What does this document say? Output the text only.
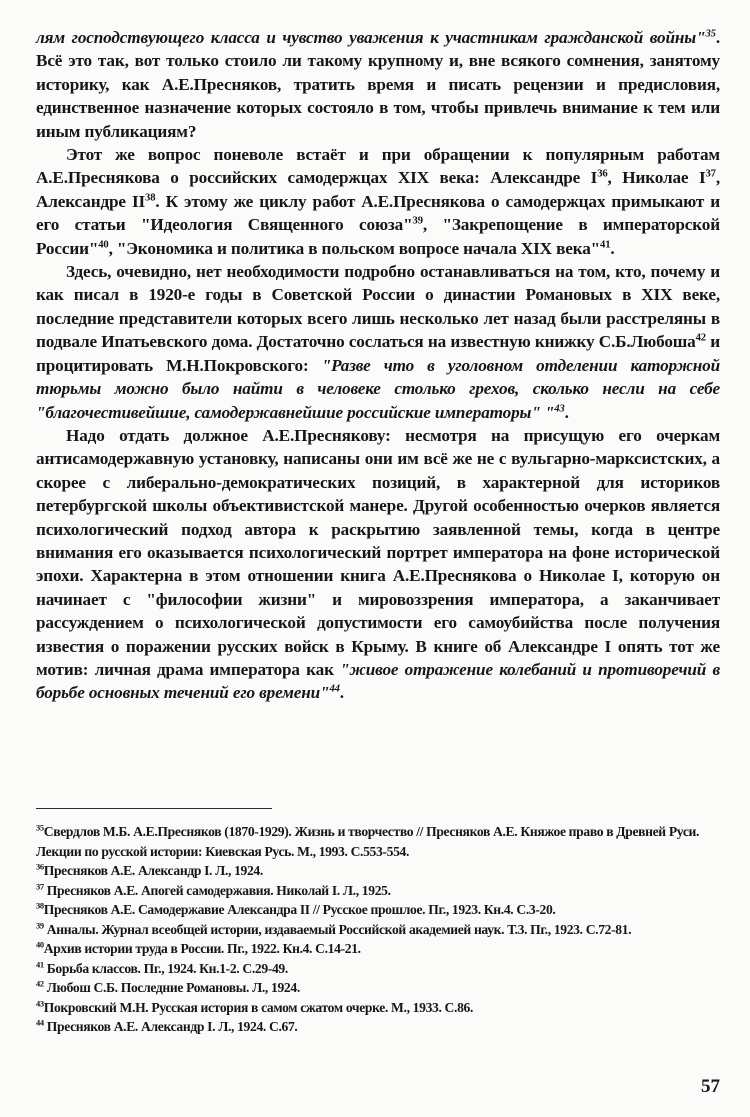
лям господствующего класса и чувство уважения к участникам гражданской войны"$^{35}$. Всё это так, вот только стоило ли такому крупному и, вне всякого сомнения, занятому историку, как А.Е.Пресняков, тратить время и писать рецензии и предисловия, единственное назначение которых состояло в том, чтобы привлечь внимание к тем или иным публикациям?

Этот же вопрос поневоле встаёт и при обращении к популярным работам А.Е.Преснякова о российских самодержцах XIX века: Александре $I^{36}$, Николае $I^{37}$, Александре II$^{38}$. К этому же циклу работ А.Е.Преснякова о самодержцах примыкают и его статьи "Идеология Священного союза"$^{39}$, "Закрепощение в императорской России"$^{40}$, "Экономика и политика в польском вопросе начала XIX века"$^{41}$.

Здесь, очевидно, нет необходимости подробно останавливаться на том, кто, почему и как писал в 1920-е годы в Советской России о династии Романовых в XIX веке, последние представители которых всего лишь несколько лет назад были расстреляны в подвале Ипатьевского дома. Достаточно сослаться на известную книжку С.Б.Любоша$^{42}$ и процитировать М.Н.Покровского: "Разве что в уголовном отделении каторжной тюрьмы можно было найти в человеке столько грехов, сколько несли на себе "благочестивейшие, самодержавнейшие российские императоры" "$^{43}$.

Надо отдать должное А.Е.Преснякову: несмотря на присущую его очеркам антисамодержавную установку, написаны они им всё же не с вульгарно-марксистских, а скорее с либерально-демократических позиций, в характерной для историков петербургской школы объективистской манере. Другой особенностью очерков является психологический подход автора к раскрытию заявленной темы, когда в центре внимания его оказывается психологический портрет императора на фоне исторической эпохи. Характерна в этом отношении книга А.Е.Преснякова о Николае I, которую он начинает с "философии жизни" и мировоззрения императора, а заканчивает рассуждением о психологической допустимости его самоубийства после получения известия о поражении русских войск в Крыму. В книге об Александре I опять тот же мотив: личная драма императора как "живое отражение колебаний и противоречий в борьбе основных течений его времени"$^{44}$.

$^{35}$Свердлов М.Б. А.Е.Пресняков (1870-1929). Жизнь и творчество // Пресняков А.Е. Княжое право в Древней Руси. Лекции по русской истории: Киевская Русь. М., 1993. С.553-554.

$^{36}$Пресняков А.Е. Александр I. Л., 1924.

$^{37}$ Пресняков А.Е. Апогей самодержавия. Николай I. Л., 1925.

$^{38}$Пресняков А.Е. Самодержавие Александра II // Русское прошлое. Пг., 1923. Кн.4. С.3-20.

$^{39}$ Анналы. Журнал всеобщей истории, издаваемый Российской академией наук. Т.3. Пг., 1923. С.72-81.

$^{40}$Архив истории труда в России. Пг., 1922. Кн.4. С.14-21.

$^{41}$ Борьба классов. Пг., 1924. Кн.1-2. С.29-49.

$^{42}$ Любош С.Б. Последние Романовы. Л., 1924.

$^{43}$Покровский М.Н. Русская история в самом сжатом очерке. М., 1933. С.86.

$^{44}$ Пресняков А.Е. Александр I. Л., 1924. С.67.

57
